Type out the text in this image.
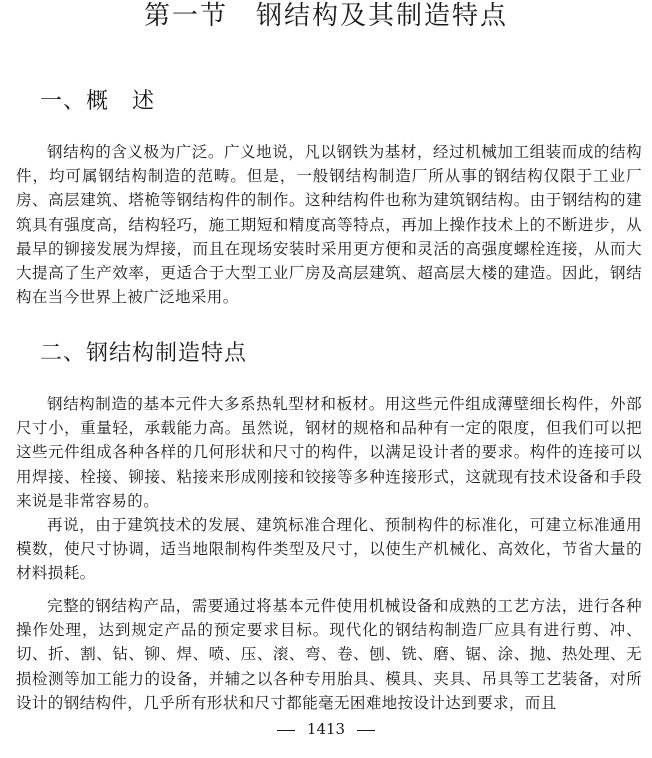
第一节　钢结构及其制造特点
一、概　述

钢结构的含义极为广泛。广义地说，凡以钢铁为基材，经过机械加工组装而成的结构件，均可属钢结构制造的范畴。但是，一般钢结构制造厂所从事的钢结构仅限于工业厂房、高层建筑、塔桅等钢结构件的制作。这种结构件也称为建筑钢结构。由于钢结构的建筑具有强度高，结构轻巧，施工期短和精度高等特点，再加上操作技术上的不断进步，从最早的铆接发展为焊接，而且在现场安装时采用更方便和灵活的高强度螺栓连接，从而大大提高了生产效率，更适合于大型工业厂房及高层建筑、超高层大楼的建造。因此，钢结构在当今世界上被广泛地采用。

二、钢结构制造特点

钢结构制造的基本元件大多系热轧型材和板材。用这些元件组成薄壁细长构件，外部尺寸小，重量轻，承载能力高。虽然说，钢材的规格和品种有一定的限度，但我们可以把这些元件组成各种各样的几何形状和尺寸的构件，以满足设计者的要求。构件的连接可以用焊接、栓接、铆接、粘接来形成刚接和铰接等多种连接形式，这就现有技术设备和手段来说是非常容易的。

再说，由于建筑技术的发展、建筑标准合理化、预制构件的标准化，可建立标准通用模数，使尺寸协调，适当地限制构件类型及尺寸，以使生产机械化、高效化，节省大量的材料损耗。

完整的钢结构产品，需要通过将基本元件使用机械设备和成熟的工艺方法，进行各种操作处理，达到规定产品的预定要求目标。现代化的钢结构制造厂应具有进行剪、冲、切、折、割、钻、铆、焊、喷、压、滚、弯、卷、刨、铣、磨、锯、涂、抛、热处理、无损检测等加工能力的设备，并辅之以各种专用胎具、模具、夹具、吊具等工艺装备，对所设计的钢结构件，几乎所有形状和尺寸都能毫无困难地按设计达到要求，而且

1413
